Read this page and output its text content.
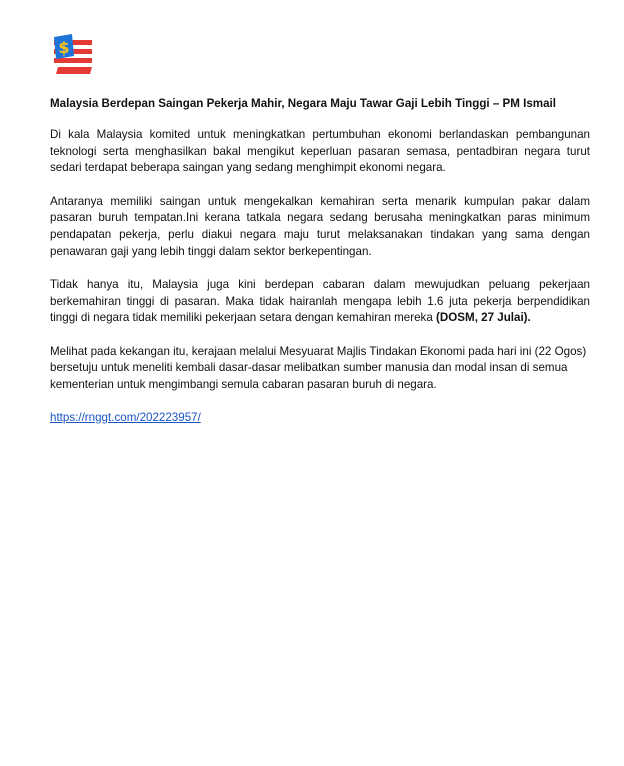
$
Malaysia Berdepan Saingan Pekerja Mahir, Negara Maju Tawar Gaji Lebih Tinggi – PM Ismail

Di kala Malaysia komited untuk meningkatkan pertumbuhan ekonomi berlandaskan pembangunan teknologi serta menghasilkan bakal mengikut keperluan pasaran semasa, pentadbiran negara turut sedari terdapat beberapa saingan yang sedang menghimpit ekonomi negara.

Antaranya memiliki saingan untuk mengekalkan kemahiran serta menarik kumpulan pakar dalam pasaran buruh tempatan.Ini kerana tatkala negara sedang berusaha meningkatkan paras minimum pendapatan pekerja, perlu diakui negara maju turut melaksanakan tindakan yang sama dengan penawaran gaji yang lebih tinggi dalam sektor berkepentingan.

Tidak hanya itu, Malaysia juga kini berdepan cabaran dalam mewujudkan peluang pekerjaan berkemahiran tinggi di pasaran. Maka tidak hairanlah mengapa lebih 1.6 juta pekerja berpendidikan tinggi di negara tidak memiliki pekerjaan setara dengan kemahiran mereka (DOSM, 27 Julai).

Melihat pada kekangan itu, kerajaan melalui Mesyuarat Majlis Tindakan Ekonomi pada hari ini (22 Ogos) bersetuju untuk meneliti kembali dasar-dasar melibatkan sumber manusia dan modal insan di semua kementerian untuk mengimbangi semula cabaran pasaran buruh di negara.

https://rnggt.com/202223957/
